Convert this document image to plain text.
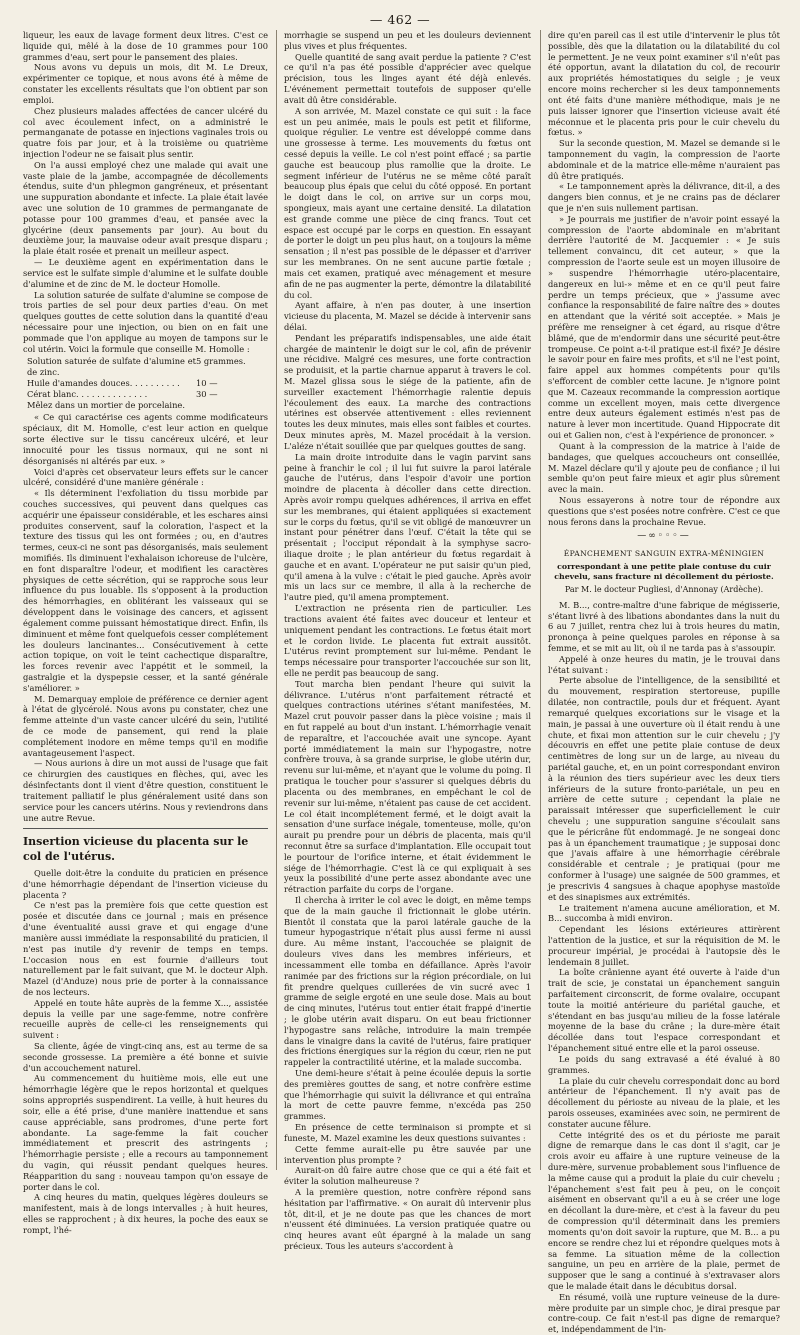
— 462 —

liqueur, les eaux de lavage forment deux litres. C'est ce liquide qui, mêlé à la dose de 10 grammes pour 100 grammes d'eau, sert pour le pansement des plaies.

Nous avons vu depuis un mois, dit M. Le Dreux, expérimenter ce topique, et nous avons été à même de constater les excellents résultats que l'on obtient par son emploi.

Chez plusieurs malades affectées de cancer ulcéré du col avec écoulement infect, on a administré le permanganate de potasse en injections vaginales trois ou quatre fois par jour, et à la troisième ou quatrième injection l'odeur ne se faisait plus sentir.

On l'a aussi employé chez une malade qui avait une vaste plaie de la jambe, accompagnée de décollements étendus, suite d'un phlegmon gangréneux, et présentant une suppuration abondante et infecte. La plaie était lavée avec une solution de 10 grammes de permanganate de potasse pour 100 grammes d'eau, et pansée avec la glycérine (deux pansements par jour). Au bout du deuxième jour, la mauvaise odeur avait presque disparu ; la plaie était rosée et prenait un meilleur aspect.

— Le deuxième agent en expérimentation dans le service est le sulfate simple d'alumine et le sulfate double d'alumine et de zinc de M. le docteur Homolle.

La solution saturée de sulfate d'alumine se compose de trois parties de sel pour deux parties d'eau. On met quelques gouttes de cette solution dans la quantité d'eau nécessaire pour une injection, ou bien on en fait une pommade que l'on applique au moyen de tampons sur le col utérin. Voici la formule que conseille M. Homolle :

Solution saturée de sulfate d'alumine et de zinc.
5 grammes.
Huile d'amandes douces. . . . . . . . . .	10 —
Cérat blanc. . . . . . . . . . . . . .	30 —
Mêlez dans un mortier de porcelaine.

« Ce qui caractérise ces agents comme modificateurs spéciaux, dit M. Homolle, c'est leur action en quelque sorte élective sur le tissu cancéreux ulcéré, et leur innocuité pour les tissus normaux, qui ne sont ni désorganisés ni altérés par eux. »

Voici d'après cet observateur leurs effets sur le cancer ulcéré, considéré d'une manière générale :

« Ils déterminent l'exfoliation du tissu morbide par couches successives, qui peuvent dans quelques cas acquérir une épaisseur considérable, et les eschares ainsi produites conservent, sauf la coloration, l'aspect et la texture des tissus qui les ont formées ; ou, en d'autres termes, ceux-ci ne sont pas désorganisés, mais seulement momifiés. Ils diminuent l'exhalaison ichoreuse de l'ulcère, en font disparaître l'odeur, et modifient les caractères physiques de cette sécrétion, qui se rapproche sous leur influence du pus louable. Ils s'opposent à la production des hémorrhagies, en oblitérant les vaisseaux qui se développent dans le voisinage des cancers, et agissent également comme puissant hémostatique direct. Enfin, ils diminuent et même font quelquefois cesser complétement les douleurs lancinantes... Consécutivement à cette action topique, on voit le teint cachectique disparaître, les forces revenir avec l'appétit et le sommeil, la gastralgie et la dyspepsie cesser, et la santé générale s'améliorer. »

M. Demarquay emploie de préférence ce dernier agent à l'état de glycérolé. Nous avons pu constater, chez une femme atteinte d'un vaste cancer ulcéré du sein, l'utilité de ce mode de pansement, qui rend la plaie complétement inodore en même temps qu'il en modifie avantageusement l'aspect.

— Nous aurions à dire un mot aussi de l'usage que fait ce chirurgien des caustiques en flèches, qui, avec les désinfectants dont il vient d'être question, constituent le traitement palliatif le plus généralement usité dans son service pour les cancers utérins. Nous y reviendrons dans une autre Revue.

Insertion vicieuse du placenta sur le col de l'utérus.

Quelle doit-être la conduite du praticien en présence d'une hémorrhagie dépendant de l'insertion vicieuse du placenta ?

Ce n'est pas la première fois que cette question est posée et discutée dans ce journal ; mais en présence d'une éventualité aussi grave et qui engage d'une manière aussi immédiate la responsabilité du praticien, il n'est pas inutile d'y revenir de temps en temps. L'occasion nous en est fournie d'ailleurs tout naturellement par le fait suivant, que M. le docteur Alph. Mazel (d'Anduze) nous prie de porter à la connaissance de nos lecteurs.

Appelé en toute hâte auprès de la femme X..., assistée depuis la veille par une sage-femme, notre confrère recueille auprès de celle-ci les renseignements qui suivent :

Sa cliente, âgée de vingt-cinq ans, est au terme de sa seconde grossesse. La première a été bonne et suivie d'un accouchement naturel.

Au commencement du huitième mois, elle eut une hémorrhagie légère que le repos horizontal et quelques soins appropriés suspendirent. La veille, à huit heures du soir, elle a été prise, d'une manière inattendue et sans cause appréciable, sans prodromes, d'une perte fort abondante. La sage-femme la fait coucher immédiatement et prescrit des astringents ; l'hémorrhagie persiste ; elle a recours au tamponnement du vagin, qui réussit pendant quelques heures. Réapparition du sang : nouveau tampon qu'on essaye de porter dans le col.

A cinq heures du matin, quelques légères douleurs se manifestent, mais à de longs intervalles ; à huit heures, elles se rapprochent ; à dix heures, la poche des eaux se rompt, l'hé-

morrhagie se suspend un peu et les douleurs deviennent plus vives et plus fréquentes.

Quelle quantité de sang avait perdue la patiente ? C'est ce qu'il n'a pas été possible d'apprécier avec quelque précision, tous les linges ayant été déjà enlevés. L'événement permettait toutefois de supposer qu'elle avait dû être considérable.

A son arrivée, M. Mazel constate ce qui suit : la face est un peu animée, mais le pouls est petit et filiforme, quoique régulier. Le ventre est développé comme dans une grossesse à terme. Les mouvements du fœtus ont cessé depuis la veille. Le col n'est point effacé ; sa partie gauche est beaucoup plus ramollie que la droite. Le segment inférieur de l'utérus ne se même côté paraît beaucoup plus épais que celui du côté opposé. En portant le doigt dans le col, on arrive sur un corps mou, spongieux, mais ayant une certaine densité. La dilatation est grande comme une pièce de cinq francs. Tout cet espace est occupé par le corps en question. En essayant de porter le doigt un peu plus haut, on a toujours la même sensation ; il n'est pas possible de le dépasser et d'arriver sur les membranes. On ne sent aucune partie fœtale ; mais cet examen, pratiqué avec ménagement et mesure afin de ne pas augmenter la perte, démontre la dilatabilité du col.

Ayant affaire, à n'en pas douter, à une insertion vicieuse du placenta, M. Mazel se décide à intervenir sans délai.

Pendant les préparatifs indispensables, une aide était chargée de maintenir le doigt sur le col, afin de prévenir une récidive. Malgré ces mesures, une forte contraction se produisit, et la partie charnue apparut à travers le col. M. Mazel glissa sous le siége de la patiente, afin de surveiller exactement l'hémorrhagie ralentie depuis l'écoulement des eaux. La marche des contractions utérines est observée attentivement : elles reviennent toutes les deux minutes, mais elles sont faibles et courtes. Deux minutes après, M. Mazel procédait à la version. L'aléze n'était souillée que par quelques gouttes de sang.

La main droite introduite dans le vagin parvint sans peine à franchir le col ; il lui fut suivre la paroi latérale gauche de l'utérus, dans l'espoir d'avoir une portion moindre de placenta à décoller dans cette direction. Après avoir rompu quelques adhérences, il arriva en effet sur les membranes, qui étaient appliquées si exactement sur le corps du fœtus, qu'il se vit obligé de manœuvrer un instant pour pénétrer dans l'œuf. C'était la tête qui se présentait ; l'occiput répondait à la symphyse sacro-iliaque droite ; le plan antérieur du fœtus regardait à gauche et en avant. L'opérateur ne put saisir qu'un pied, qu'il amena à la vulve : c'était le pied gauche. Après avoir mis un lacs sur ce membre, il alla à la recherche de l'autre pied, qu'il amena promptement.

L'extraction ne présenta rien de particulier. Les tractions avaient été faites avec douceur et lenteur et uniquement pendant les contractions. Le fœtus était mort et le cordon livide. Le placenta fut extrait aussitôt. L'utérus revint promptement sur lui-même. Pendant le temps nécessaire pour transporter l'accouchée sur son lit, elle ne perdit pas beaucoup de sang.

Tout marcha bien pendant l'heure qui suivit la délivrance. L'utérus n'ont parfaitement rétracté et quelques contractions utérines s'étant manifestées, M. Mazel crut pouvoir passer dans la pièce voisine ; mais il en fut rappelé au bout d'un instant. L'hémorrhagie venait de reparaître, et l'accouchée avait une syncope. Ayant porté immédiatement la main sur l'hypogastre, notre confrère trouva, à sa grande surprise, le globe utérin dur, revenu sur lui-même, et n'ayant que le volume du poing. Il pratiqua le toucher pour s'assurer si quelques débris du placenta ou des membranes, en empêchant le col de revenir sur lui-même, n'étaient pas cause de cet accident. Le col était incomplétement fermé, et le doigt avait la sensation d'une surface inégale, tomenteuse, molle, qu'on aurait pu prendre pour un débris de placenta, mais qu'il reconnut être sa surface d'implantation. Elle occupait tout le pourtour de l'orifice interne, et était évidemment le siége de l'hémorrhagie. C'est là ce qui expliquait à ses yeux la possibilité d'une perte assez abondante avec une rétraction parfaite du corps de l'organe.

Il chercha à irriter le col avec le doigt, en même temps que de la main gauche il frictionnait le globe utérin. Bientôt il constata que la paroi latérale gauche de la tumeur hypogastrique n'était plus aussi ferme ni aussi dure. Au même instant, l'accouchée se plaignit de douleurs vives dans les membres inférieurs, et incessamment elle tomba en défaillance. Après l'avoir ranimée par des frictions sur la région précordiale, on lui fit prendre quelques cuillerées de vin sucré avec 1 gramme de seigle ergoté en une seule dose. Mais au bout de cinq minutes, l'utérus tout entier était frappé d'inertie ; le globe utérin avait disparu. On eut beau frictionner l'hypogastre sans relâche, introduire la main trempée dans le vinaigre dans la cavité de l'utérus, faire pratiquer des frictions énergiques sur la région du cœur, rien ne put rappeler la contractilité utérine, et la malade succomba.

Une demi-heure s'était à peine écoulée depuis la sortie des premières gouttes de sang, et notre confrère estime que l'hémorrhagie qui suivit la délivrance et qui entraîna la mort de cette pauvre femme, n'excéda pas 250 grammes.

En présence de cette terminaison si prompte et si funeste, M. Mazel examine les deux questions suivantes :

Cette femme aurait-elle pu être sauvée par une intervention plus prompte ?

Aurait-on dû faire autre chose que ce qui a été fait et éviter la solution malheureuse ?

A la première question, notre confrère répond sans hésitation par l'affirmative. « On aurait dû intervenir plus tôt, dit-il, et je ne doute pas que les chances de mort n'eussent été diminuées. La version pratiquée quatre ou cinq heures avant eût épargné à la malade un sang précieux. Tous les auteurs s'accordent à

dire qu'en pareil cas il est utile d'intervenir le plus tôt possible, dès que la dilatation ou la dilatabilité du col le permettent. Je ne veux point examiner s'il n'eût pas été opportun, avant la dilatation du col, de recourir aux propriétés hémostatiques du seigle ; je veux encore moins rechercher si les deux tamponnements ont été faits d'une manière méthodique, mais je ne puis laisser ignorer que l'insertion vicieuse avait été méconnue et le placenta pris pour le cuir chevelu du fœtus. »

Sur la seconde question, M. Mazel se demande si le tamponnement du vagin, la compression de l'aorte abdominale et de la matrice elle-même n'auraient pas dû être pratiqués.

« Le tamponnement après la délivrance, dit-il, a des dangers bien connus, et je ne crains pas de déclarer que je n'en suis nullement partisan.

» Je pourrais me justifier de n'avoir point essayé la compression de l'aorte abdominale en m'abritant derrière l'autorité de M. Jacquemier : « Je suis tellement convaincu, dit cet auteur, » que la compression de l'aorte seule est un moyen illusoire de » suspendre l'hémorrhagie utéro-placentaire, dangereux en lui-» même et en ce qu'il peut faire perdre un temps précieux, que » j'assume avec confiance la responsabilité de faire naître des » doutes en attendant que la vérité soit acceptée. » Mais je préfère me renseigner à cet égard, au risque d'être blâmé, que de m'endormir dans une sécurité peut-être trompeuse. Ce point a-t-il pratique est-il fixé? Je désire le savoir pour en faire mes profits, et s'il ne l'est point, faire appel aux hommes compétents pour qu'ils s'efforcent de combler cette lacune. Je n'ignore point que M. Cazeaux recommande la compression aortique comme un excellent moyen, mais cette divergence entre deux auteurs également estimés n'est pas de nature à lever mon incertitude. Quand Hippocrate dit oui et Galien non, c'est à l'expérience de prononcer. »

Quant à la compression de la matrice à l'aide de bandages, que quelques accoucheurs ont conseillée, M. Mazel déclare qu'il y ajoute peu de confiance ; il lui semble qu'on peut faire mieux et agir plus sûrement avec la main.

Nous essayerons à notre tour de répondre aux questions que s'est posées notre confrère. C'est ce que nous ferons dans la prochaine Revue.

—∞◦◦◦—

ÉPANCHEMENT SANGUIN EXTRA-MÉNINGIEN

correspondant à une petite plaie contuse du cuir chevelu, sans fracture ni décollement du périoste.

Par M. le docteur Pugliesi, d'Annonay (Ardèche).

M. B..., contre-maître d'une fabrique de mégisserie, s'étant livré à des libations abondantes dans la nuit du 6 au 7 juillet, rentra chez lui à trois heures du matin, prononça à peine quelques paroles en réponse à sa femme, et se mit au lit, où il ne tarda pas à s'assoupir.

Appelé à onze heures du matin, je le trouvai dans l'état suivant :

Perte absolue de l'intelligence, de la sensibilité et du mouvement, respiration stertoreuse, pupille dilatée, non contractile, pouls dur et fréquent. Ayant remarqué quelques excoriations sur le visage et la main, je passai à une ouverture où il était rendu à une chute, et fixai mon attention sur le cuir chevelu ; j'y découvris en effet une petite plaie contuse de deux centimètres de long sur un de large, au niveau du pariétal gauche, et, en un point correspondant environ à la réunion des tiers supérieur avec les deux tiers inférieurs de la suture fronto-pariétale, un peu en arrière de cette suture ; cependant la plaie ne paraissait intéresser que superficiellement le cuir chevelu ; une suppuration sanguine s'écoulait sans que le péricrâne fût endommagé. Je ne songeai donc pas à un épanchement traumatique ; je supposai donc que j'avais affaire à une hémorrhagie cérébrale considérable et centrale ; je pratiquai (pour me conformer à l'usage) une saignée de 500 grammes, et je prescrivis 4 sangsues à chaque apophyse mastoïde et des sinapismes aux extrémités.

Le traitement n'amena aucune amélioration, et M. B... succomba à midi environ.

Cependant les lésions extérieures attirèrent l'attention de la justice, et sur la réquisition de M. le procureur impérial, je procédai à l'autopsie dès le lendemain 8 juillet.

La boîte crânienne ayant été ouverte à l'aide d'un trait de scie, je constatai un épanchement sanguin parfaitement circonscrit, de forme ovalaire, occupant toute la moitié antérieure du pariétal gauche, et s'étendant en bas jusqu'au milieu de la fosse latérale moyenne de la base du crâne ; la dure-mère était décollée dans tout l'espace correspondant et l'épanchement situé entre elle et la paroi osseuse.

Le poids du sang extravasé a été évalué à 80 grammes.

La plaie du cuir chevelu correspondait donc au bord antérieur de l'épanchement. Il n'y avait pas de décollement du périoste au niveau de la plaie, et les parois osseuses, examinées avec soin, ne permirent de constater aucune fêlure.

Cette intégrité des os et du périoste me parait digne de remarque dans le cas dont il s'agit, car je crois avoir eu affaire à une rupture veineuse de la dure-mère, survenue probablement sous l'influence de la même cause qui a produit la plaie du cuir chevelu ; l'épanchement s'est fait peu à peu, on le conçoit aisément en observant qu'il a eu à se créer une loge en décollant la dure-mère, et c'est à la faveur du peu de compression qu'il déterminait dans les premiers moments qu'on doit savoir la rupture, que M. B... a pu encore se rendre chez lui et répondre quelques mots à sa femme. La situation même de la collection sanguine, un peu en arrière de la plaie, permet de supposer que le sang a continué à s'extravaser alors que le malade était dans le décubitus dorsal.

En résumé, voilà une rupture veineuse de la dure-mère produite par un simple choc, je dirai presque par contre-coup. Ce fait n'est-il pas digne de remarque? et, indépendamment de l'in-
